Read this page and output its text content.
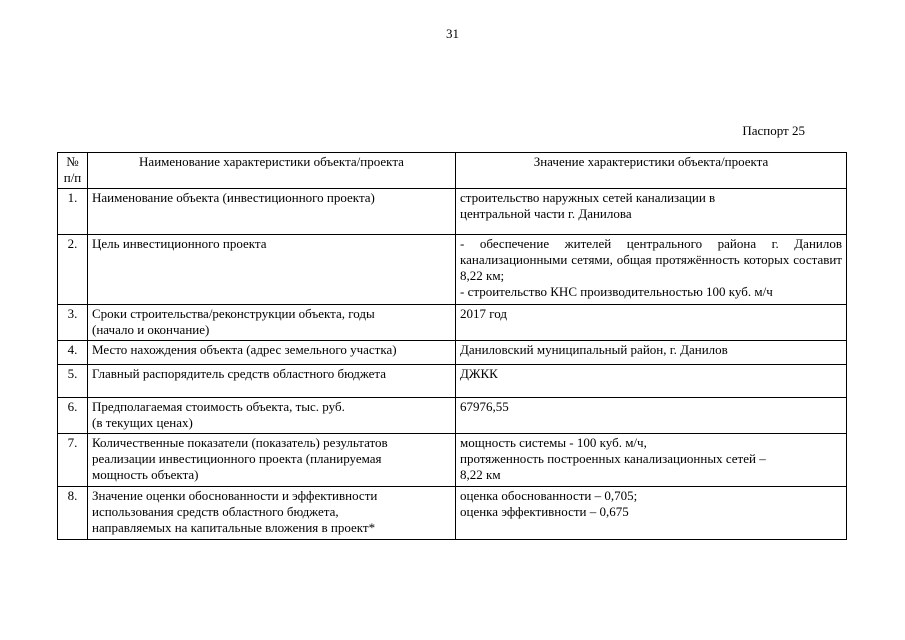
31
Паспорт 25
№ п/п	Наименование характеристики объекта/проекта	Значение характеристики объекта/проекта
1.	Наименование объекта (инвестиционного проекта)	строительство наружных сетей канализации в
центральной части г. Данилова

2.	Цель инвестиционного проекта	- обеспечение жителей центрального района г. Данилов канализационными сетями, общая протяжённость которых составит 8,22 км;
- строительство КНС производительностью 100 куб. м/ч

3.	Сроки строительства/реконструкции объекта, годы
(начало и окончание)	2017 год

4.	Место нахождения объекта (адрес земельного участка)	Даниловский муниципальный район, г. Данилов

5.	Главный распорядитель средств областного бюджета	ДЖКК

6.	Предполагаемая стоимость объекта, тыс. руб.
(в текущих ценах)	67976,55

7.	Количественные показатели (показатель) результатов
реализации инвестиционного проекта (планируемая
мощность объекта)	мощность системы - 100 куб. м/ч,
протяженность построенных канализационных сетей –
8,22 км

8.	Значение оценки обоснованности и эффективности
использования средств областного бюджета,
направляемых на капитальные вложения в проект*	оценка обоснованности – 0,705;
оценка эффективности – 0,675
